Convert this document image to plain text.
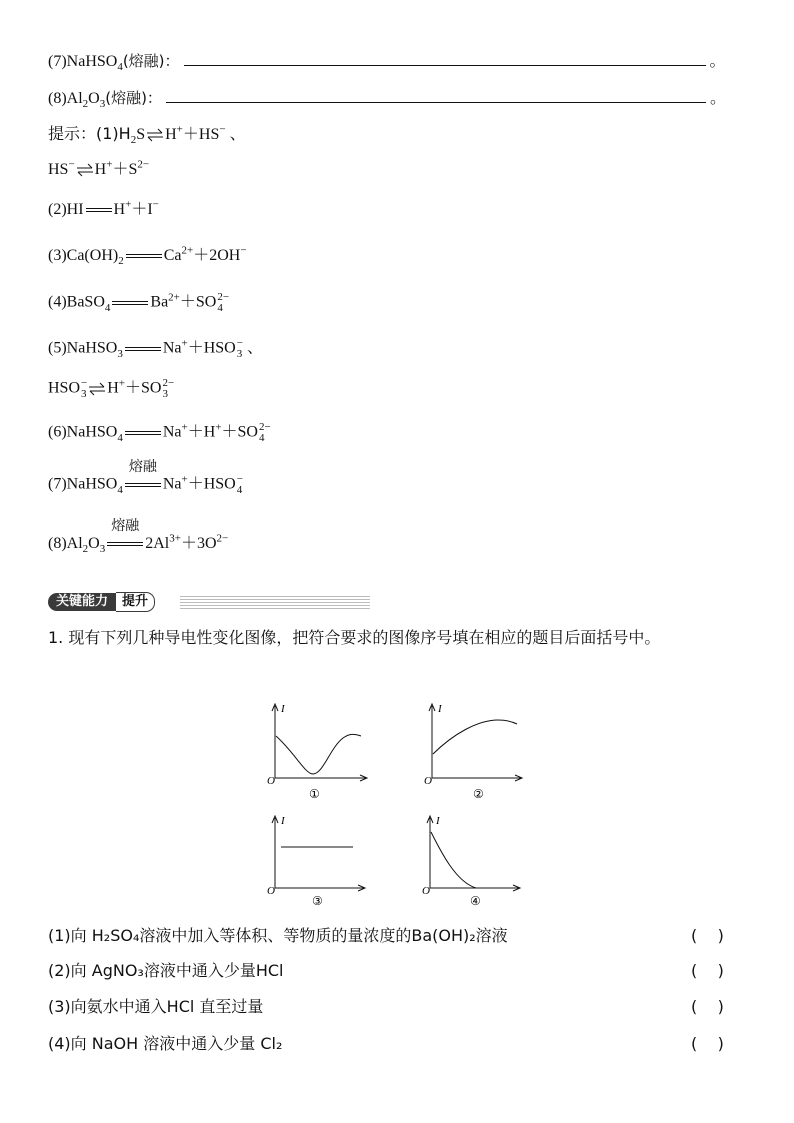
(7)NaHSO$_4$(熔融)：	。
$(8)Al_2O_3$(熔融)：	。
提示：$(1)H_2S\rightleftharpoons H^++HS^-$ 、
$HS^-\rightleftharpoons H^++S^{2-}$
(2)HI H+＋I−
$(3)Ca(OH)_2$	$Ca^{2+}+2OH^-$
(4)BaSO$_4$	$Ba^{2+}+SO$ 2−
4
(5)NaHSO$_3$	Na+＋HSO −
3 、
HSO −
3 ⇌H+＋SO 2−
3
(6)NaHSO$_4$	Na+＋H+＋SO 2−
4
(7)NaHSO$_4$
熔融
Na+＋HSO −
4
$(8)Al_2O_3$
熔融
$2Al^{3+}+3O^{2-}$
关键能力	提升
1. 现有下列几种导电性变化图像，把符合要求的图像序号填在相应的题目后面括号中。
I
O
①
I
O
②
I
O
③
I
O
④
(1)向 H₂SO₄溶液中加入等体积、等物质的量浓度的Ba(OH)₂溶液	(    )
(2)向 AgNO₃溶液中通入少量HCl	(    )
(3)向氨水中通入HCl 直至过量	(    )
(4)向 NaOH 溶液中通入少量 Cl₂	(    )
